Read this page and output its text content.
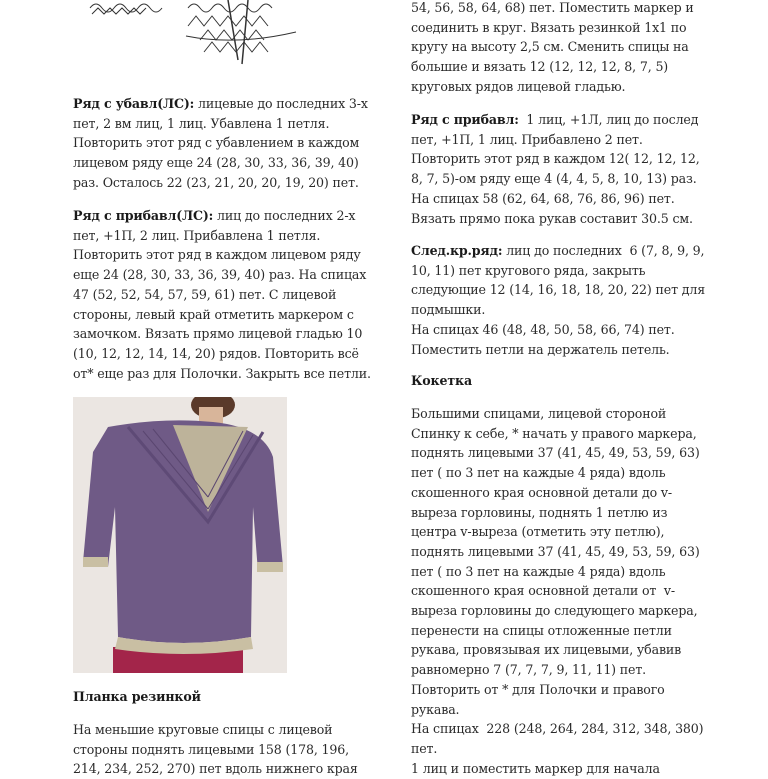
Ряд с убавл(ЛС): лицевые до последних 3-х
пет, 2 вм лиц, 1 лиц. Убавлена 1 петля.
Повторить этот ряд с убавлением в каждом
лицевом ряду еще 24 (28, 30, 33, 36, 39, 40)
раз. Осталось 22 (23, 21, 20, 20, 19, 20) пет.
Ряд с прибавл(ЛС): лиц до последних 2-х
пет, +1П, 2 лиц. Прибавлена 1 петля.
Повторить этот ряд в каждом лицевом ряду
еще 24 (28, 30, 33, 36, 39, 40) раз. На спицах
47 (52, 52, 54, 57, 59, 61) пет. С лицевой
стороны, левый край отметить маркером с
замочком. Вязать прямо лицевой гладью 10
(10, 12, 12, 14, 14, 20) рядов. Повторить всё
от* еще раз для Полочки. Закрыть все петли.
Планка резинкой
На меньшие круговые спицы с лицевой
стороны поднять лицевыми 158 (178, 196,
214, 234, 252, 270) пет вдоль нижнего края
54, 56, 58, 64, 68) пет. Поместить маркер и
соединить в круг. Вязать резинкой 1х1 по
кругу на высоту 2,5 см. Сменить спицы на
большие и вязать 12 (12, 12, 12, 8, 7, 5)
круговых рядов лицевой гладью.
Ряд с прибавл:  1 лиц, +1Л, лиц до послед
пет, +1П, 1 лиц. Прибавлено 2 пет.
Повторить этот ряд в каждом 12( 12, 12, 12,
8, 7, 5)-ом ряду еще 4 (4, 4, 5, 8, 10, 13) раз.
На спицах 58 (62, 64, 68, 76, 86, 96) пет.
Вязать прямо пока рукав составит 30.5 см.
След.кр.ряд: лиц до последних  6 (7, 8, 9, 9,
10, 11) пет кругового ряда, закрыть
следующие 12 (14, 16, 18, 18, 20, 22) пет для
подмышки.
На спицах 46 (48, 48, 50, 58, 66, 74) пет.
Поместить петли на держатель петель.
Кокетка
Большими спицами, лицевой стороной
Спинку к себе, * начать у правого маркера,
поднять лицевыми 37 (41, 45, 49, 53, 59, 63)
пет ( по 3 пет на каждые 4 ряда) вдоль
скошенного края основной детали до v-
выреза горловины, поднять 1 петлю из
центра v-выреза (отметить эту петлю),
поднять лицевыми 37 (41, 45, 49, 53, 59, 63)
пет ( по 3 пет на каждые 4 ряда) вдоль
скошенного края основной детали от  v-
выреза горловины до следующего маркера,
перенести на спицы отложенные петли
рукава, провязывая их лицевыми, убавив
равномерно 7 (7, 7, 7, 9, 11, 11) пет.
Повторить от * для Полочки и правого
рукава.
На спицах  228 (248, 264, 284, 312, 348, 380)
пет.
1 лиц и поместить маркер для начала
